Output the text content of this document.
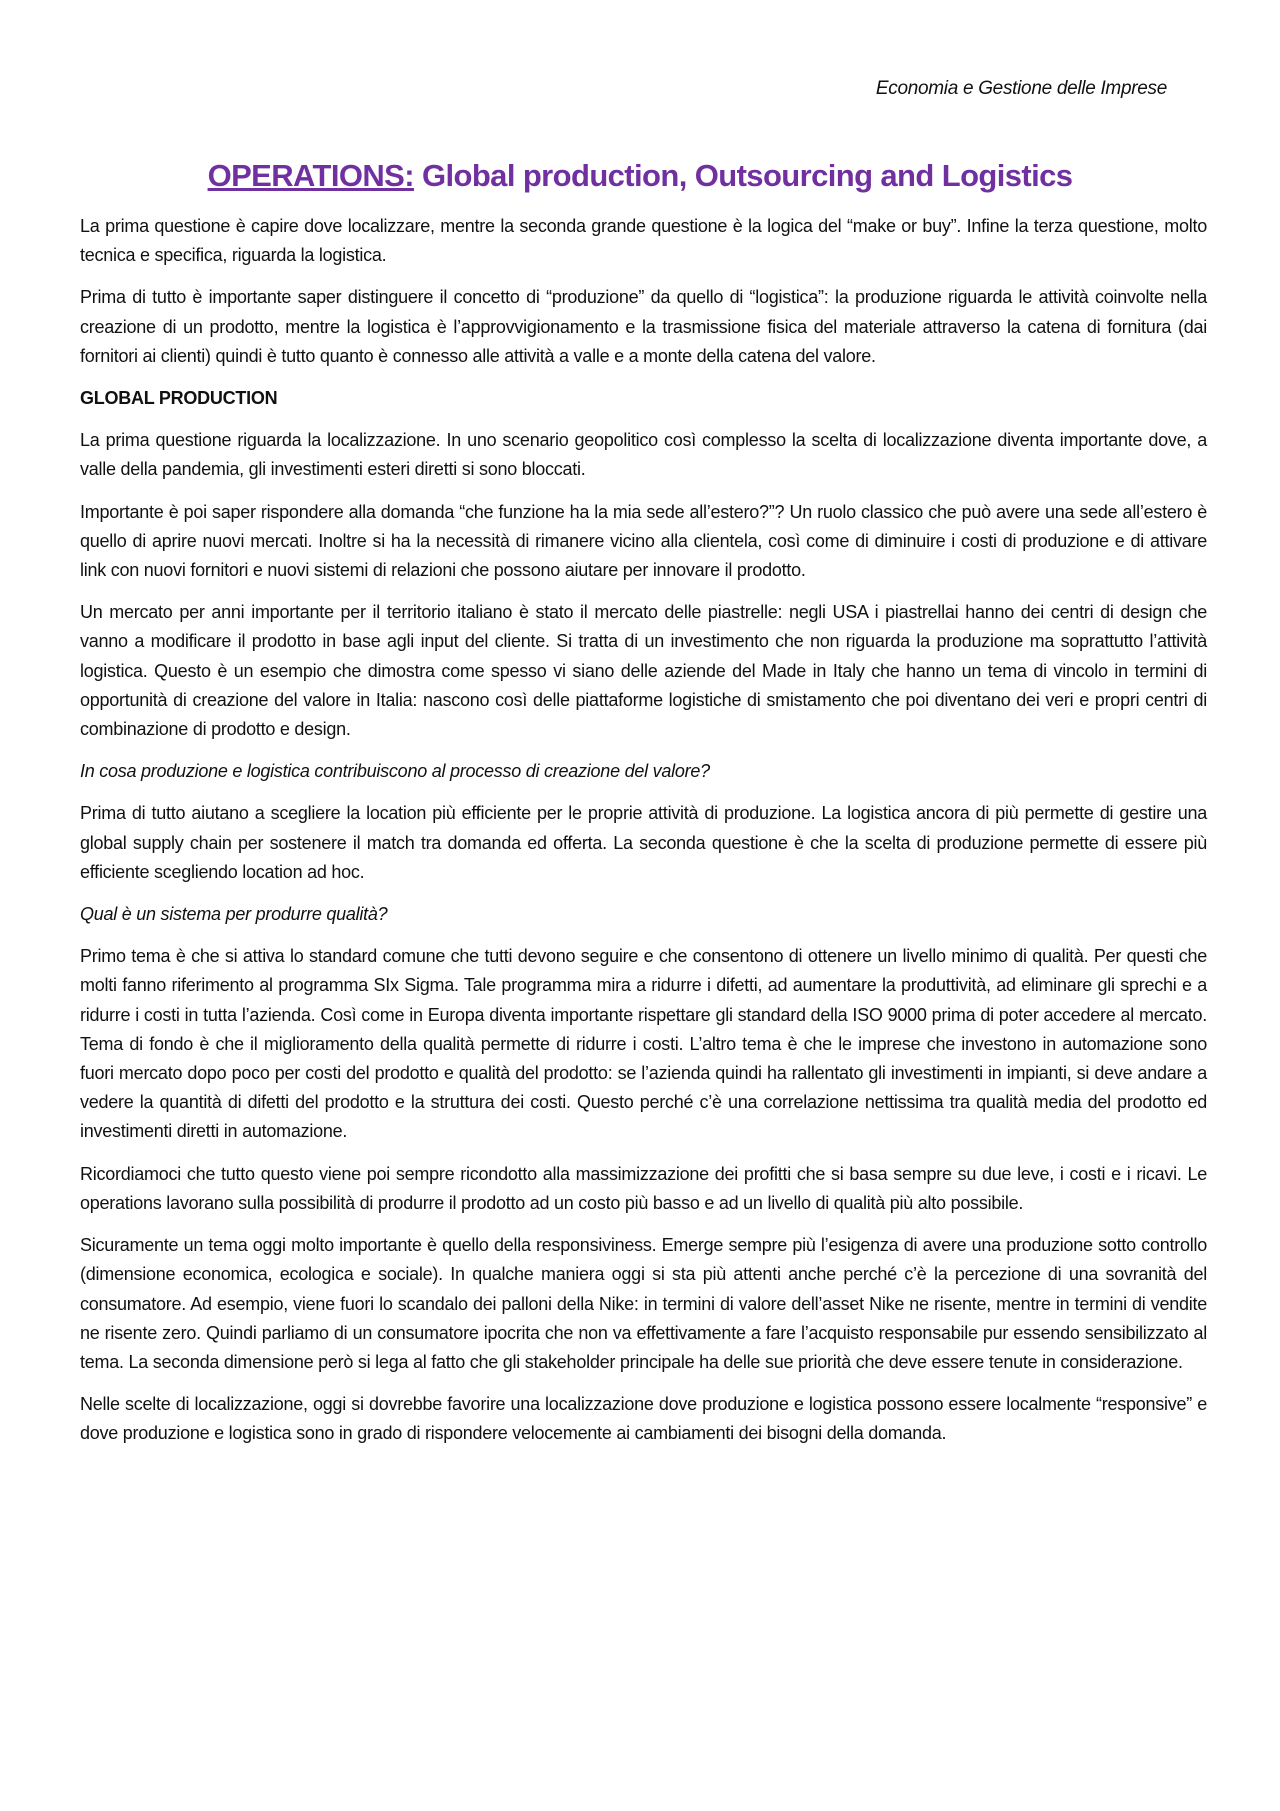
Economia e Gestione delle Imprese
OPERATIONS: Global production, Outsourcing and Logistics

La prima questione è capire dove localizzare, mentre la seconda grande questione è la logica del “make or buy”. Infine la terza questione, molto tecnica e specifica, riguarda la logistica.

Prima di tutto è importante saper distinguere il concetto di “produzione” da quello di “logistica”: la produzione riguarda le attività coinvolte nella creazione di un prodotto, mentre la logistica è l’approvvigionamento e la trasmissione fisica del materiale attraverso la catena di fornitura (dai fornitori ai clienti) quindi è tutto quanto è connesso alle attività a valle e a monte della catena del valore.

GLOBAL PRODUCTION

La prima questione riguarda la localizzazione. In uno scenario geopolitico così complesso la scelta di localizzazione diventa importante dove, a valle della pandemia, gli investimenti esteri diretti si sono bloccati.

Importante è poi saper rispondere alla domanda “che funzione ha la mia sede all’estero?”? Un ruolo classico che può avere una sede all’estero è quello di aprire nuovi mercati. Inoltre si ha la necessità di rimanere vicino alla clientela, così come di diminuire i costi di produzione e di attivare link con nuovi fornitori e nuovi sistemi di relazioni che possono aiutare per innovare il prodotto.

Un mercato per anni importante per il territorio italiano è stato il mercato delle piastrelle: negli USA i piastrellai hanno dei centri di design che vanno a modificare il prodotto in base agli input del cliente. Si tratta di un investimento che non riguarda la produzione ma soprattutto l’attività logistica. Questo è un esempio che dimostra come spesso vi siano delle aziende del Made in Italy che hanno un tema di vincolo in termini di opportunità di creazione del valore in Italia: nascono così delle piattaforme logistiche di smistamento che poi diventano dei veri e propri centri di combinazione di prodotto e design.

In cosa produzione e logistica contribuiscono al processo di creazione del valore?

Prima di tutto aiutano a scegliere la location più efficiente per le proprie attività di produzione. La logistica ancora di più permette di gestire una global supply chain per sostenere il match tra domanda ed offerta. La seconda questione è che la scelta di produzione permette di essere più efficiente scegliendo location ad hoc.

Qual è un sistema per produrre qualità?

Primo tema è che si attiva lo standard comune che tutti devono seguire e che consentono di ottenere un livello minimo di qualità. Per questi che molti fanno riferimento al programma SIx Sigma. Tale programma mira a ridurre i difetti, ad aumentare la produttività, ad eliminare gli sprechi e a ridurre i costi in tutta l’azienda. Così come in Europa diventa importante rispettare gli standard della ISO 9000 prima di poter accedere al mercato. Tema di fondo è che il miglioramento della qualità permette di ridurre i costi. L’altro tema è che le imprese che investono in automazione sono fuori mercato dopo poco per costi del prodotto e qualità del prodotto: se l’azienda quindi ha rallentato gli investimenti in impianti, si deve andare a vedere la quantità di difetti del prodotto e la struttura dei costi. Questo perché c’è una correlazione nettissima tra qualità media del prodotto ed investimenti diretti in automazione.

Ricordiamoci che tutto questo viene poi sempre ricondotto alla massimizzazione dei profitti che si basa sempre su due leve, i costi e i ricavi. Le operations lavorano sulla possibilità di produrre il prodotto ad un costo più basso e ad un livello di qualità più alto possibile.

Sicuramente un tema oggi molto importante è quello della responsiviness. Emerge sempre più l’esigenza di avere una produzione sotto controllo (dimensione economica, ecologica e sociale). In qualche maniera oggi si sta più attenti anche perché c’è la percezione di una sovranità del consumatore. Ad esempio, viene fuori lo scandalo dei palloni della Nike: in termini di valore dell’asset Nike ne risente, mentre in termini di vendite ne risente zero. Quindi parliamo di un consumatore ipocrita che non va effettivamente a fare l’acquisto responsabile pur essendo sensibilizzato al tema. La seconda dimensione però si lega al fatto che gli stakeholder principale ha delle sue priorità che deve essere tenute in considerazione.

Nelle scelte di localizzazione, oggi si dovrebbe favorire una localizzazione dove produzione e logistica possono essere localmente “responsive” e dove produzione e logistica sono in grado di rispondere velocemente ai cambiamenti dei bisogni della domanda.
